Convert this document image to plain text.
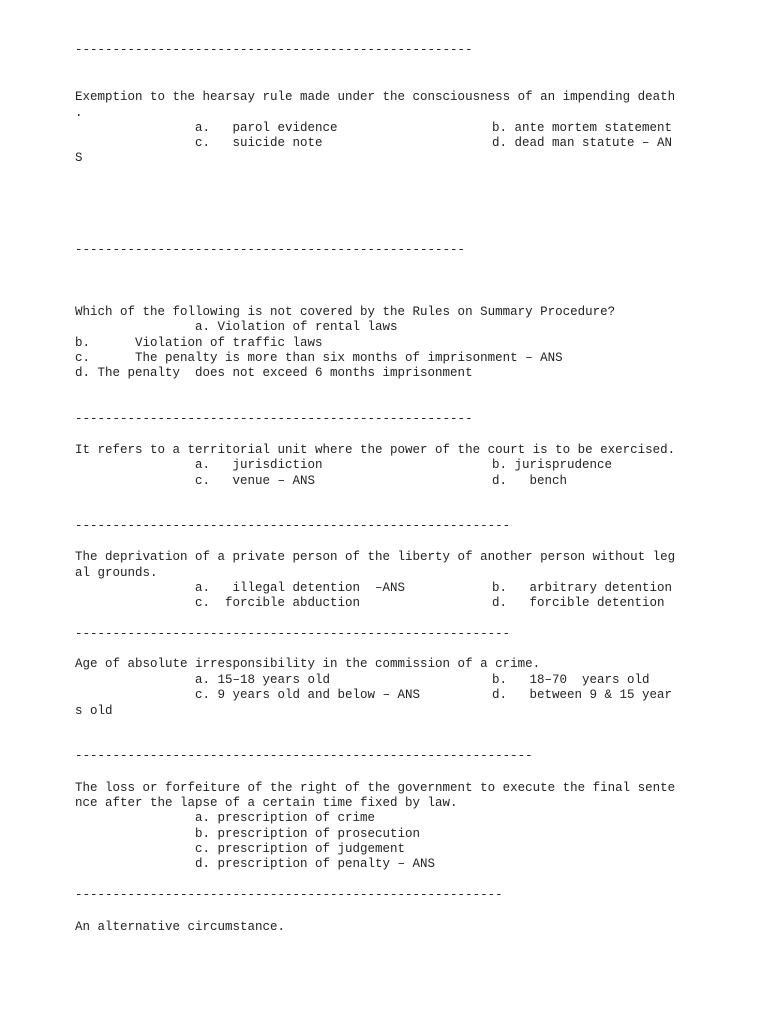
-----------------------------------------------------
Exemption to the hearsay rule made under the consciousness of an impending death
.
a.   parol evidence	b. ante mortem statement
c.   suicide note	d. dead man statute – AN
S
----------------------------------------------------
Which of the following is not covered by the Rules on Summary Procedure?
a. Violation of rental laws
b.      Violation of traffic laws
c.      The penalty is more than six months of imprisonment – ANS
d. The penalty  does not exceed 6 months imprisonment
-----------------------------------------------------
It refers to a territorial unit where the power of the court is to be exercised.
a.   jurisdiction	b. jurisprudence
c.   venue – ANS	d.   bench
----------------------------------------------------------
The deprivation of a private person of the liberty of another person without leg
al grounds.
a.   illegal detention  –ANS	b.   arbitrary detention
c.  forcible abduction	d.   forcible detention
----------------------------------------------------------
Age of absolute irresponsibility in the commission of a crime.
a. 15–18 years old	b.   18–70  years old
c. 9 years old and below – ANS	d.   between 9 & 15 year
s old
-------------------------------------------------------------
The loss or forfeiture of the right of the government to execute the final sente
nce after the lapse of a certain time fixed by law.
a. prescription of crime
b. prescription of prosecution
c. prescription of judgement
d. prescription of penalty – ANS
---------------------------------------------------------
An alternative circumstance.
